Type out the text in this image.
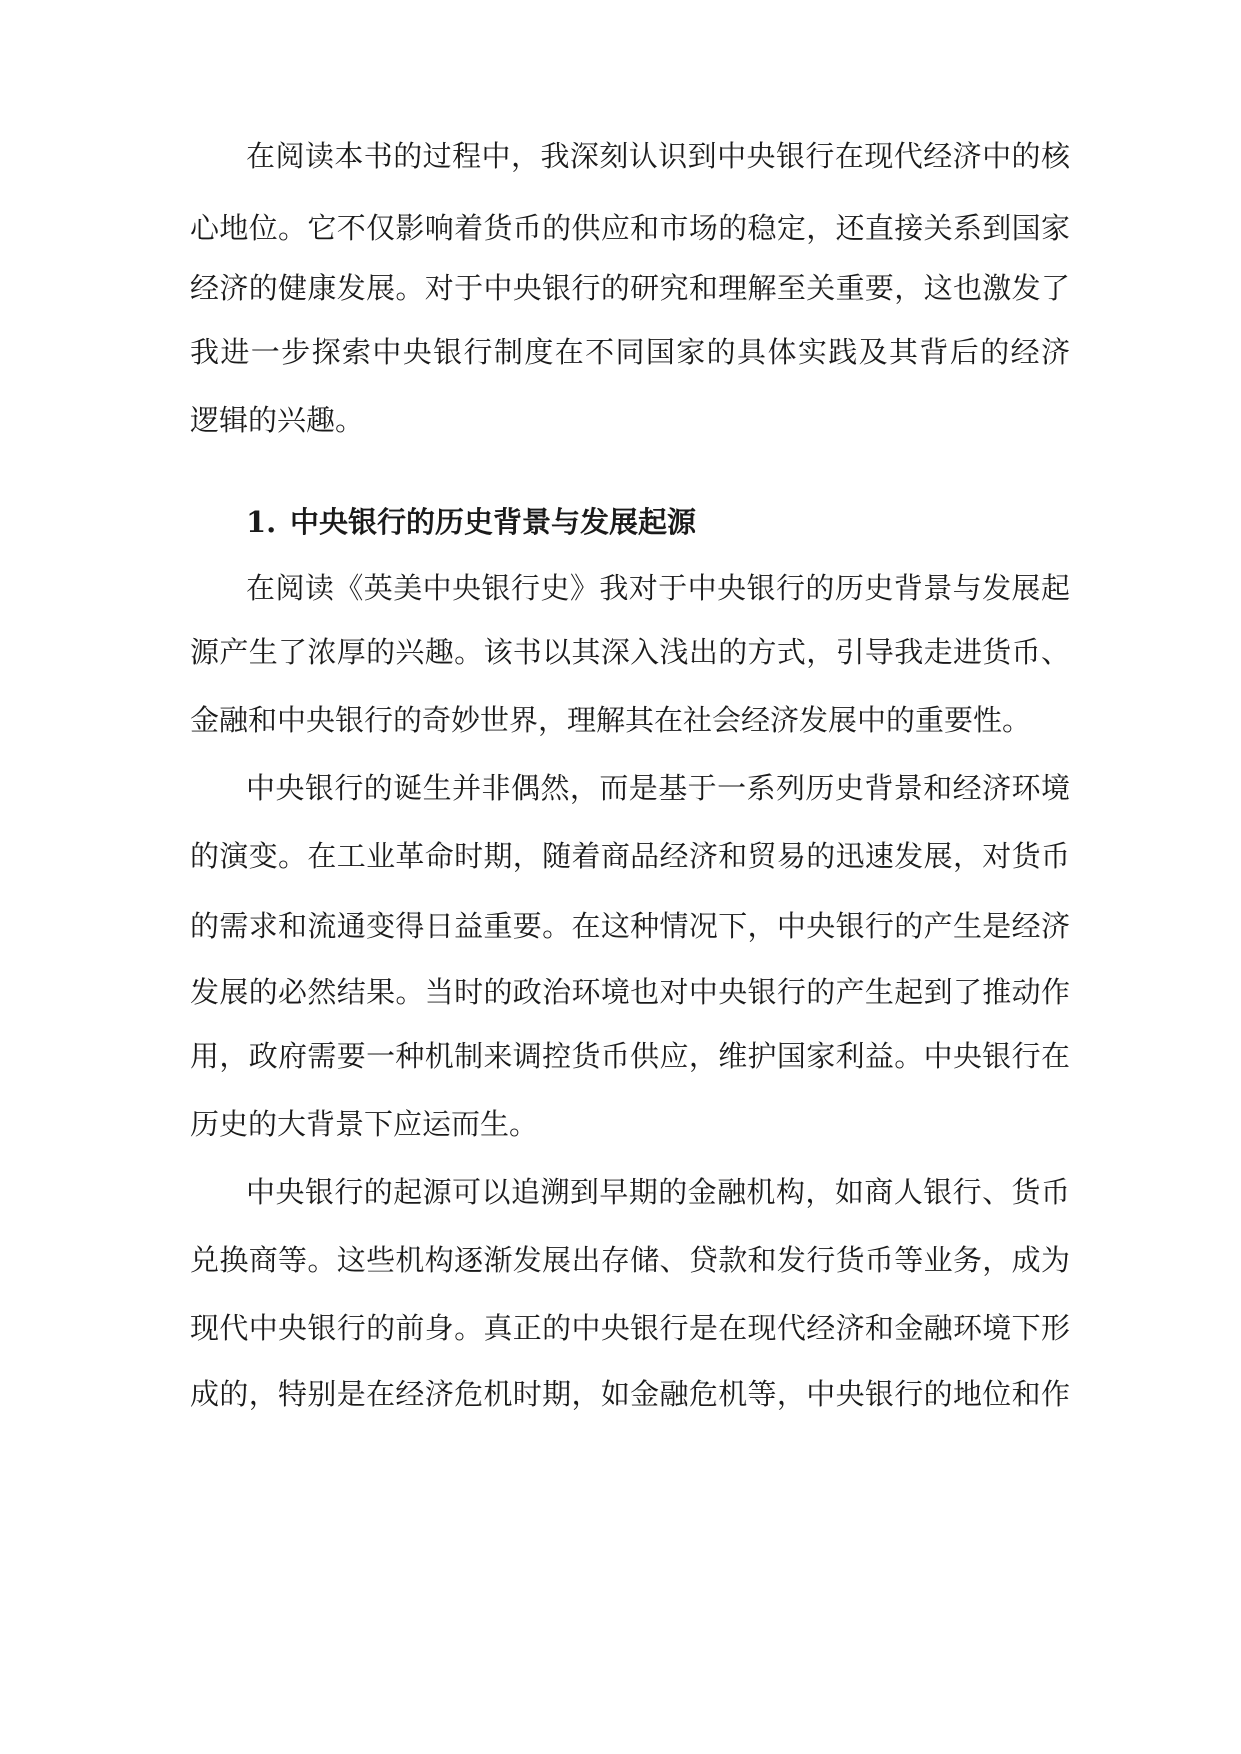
在阅读本书的过程中，我深刻认识到中央银行在现代经济中的核
心地位。它不仅影响着货币的供应和市场的稳定，还直接关系到国家
经济的健康发展。对于中央银行的研究和理解至关重要，这也激发了
我进一步探索中央银行制度在不同国家的具体实践及其背后的经济
逻辑的兴趣。
1. 中央银行的历史背景与发展起源
在阅读《英美中央银行史》我对于中央银行的历史背景与发展起
源产生了浓厚的兴趣。该书以其深入浅出的方式，引导我走进货币、
金融和中央银行的奇妙世界，理解其在社会经济发展中的重要性。
中央银行的诞生并非偶然，而是基于一系列历史背景和经济环境
的演变。在工业革命时期，随着商品经济和贸易的迅速发展，对货币
的需求和流通变得日益重要。在这种情况下，中央银行的产生是经济
发展的必然结果。当时的政治环境也对中央银行的产生起到了推动作
用，政府需要一种机制来调控货币供应，维护国家利益。中央银行在
历史的大背景下应运而生。
中央银行的起源可以追溯到早期的金融机构，如商人银行、货币
兑换商等。这些机构逐渐发展出存储、贷款和发行货币等业务，成为
现代中央银行的前身。真正的中央银行是在现代经济和金融环境下形
成的，特别是在经济危机时期，如金融危机等，中央银行的地位和作
